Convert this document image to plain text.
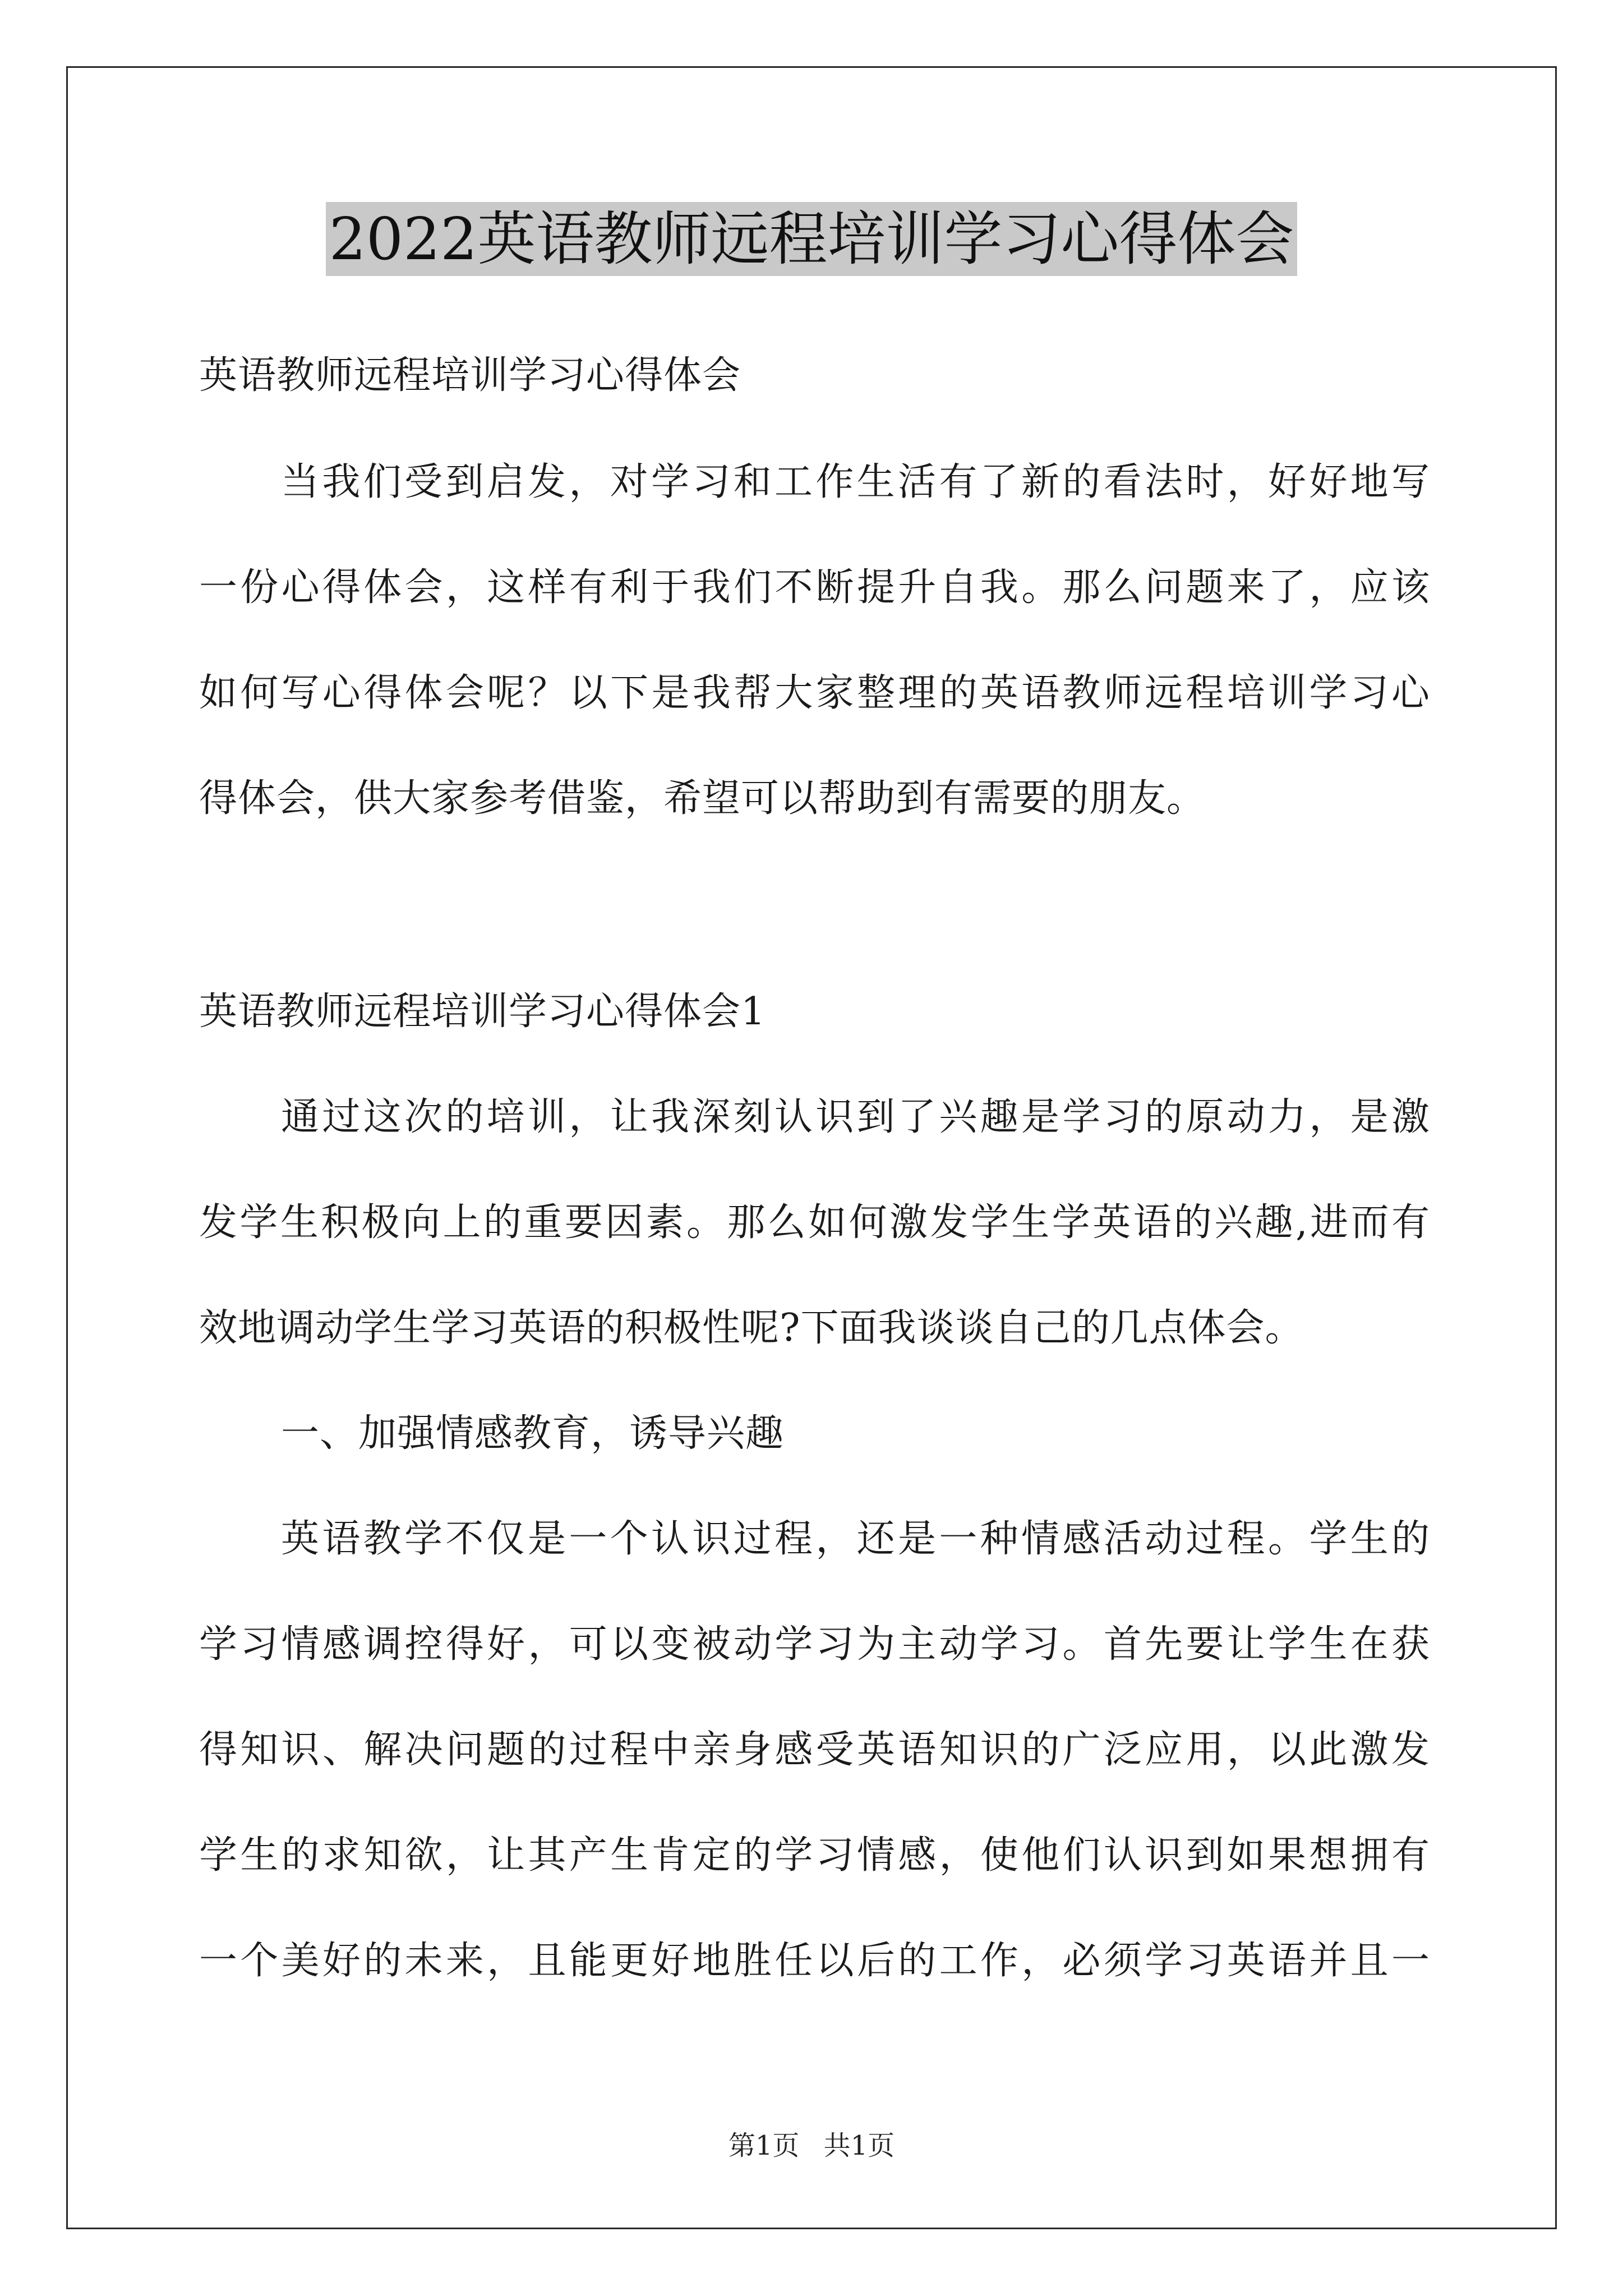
2022英语教师远程培训学习心得体会
英语教师远程培训学习心得体会
当我们受到启发，对学习和工作生活有了新的看法时，好好地写
一份心得体会，这样有利于我们不断提升自我。那么问题来了，应该
如何写心得体会呢？以下是我帮大家整理的英语教师远程培训学习心
得体会，供大家参考借鉴，希望可以帮助到有需要的朋友。
英语教师远程培训学习心得体会1
通过这次的培训，让我深刻认识到了兴趣是学习的原动力，是激
发学生积极向上的重要因素。那么如何激发学生学英语的兴趣,进而有
效地调动学生学习英语的积极性呢?下面我谈谈自己的几点体会。
一、加强情感教育，诱导兴趣
英语教学不仅是一个认识过程，还是一种情感活动过程。学生的
学习情感调控得好，可以变被动学习为主动学习。首先要让学生在获
得知识、解决问题的过程中亲身感受英语知识的广泛应用，以此激发
学生的求知欲，让其产生肯定的学习情感，使他们认识到如果想拥有
一个美好的未来，且能更好地胜任以后的工作，必须学习英语并且一
第1页 共1页
